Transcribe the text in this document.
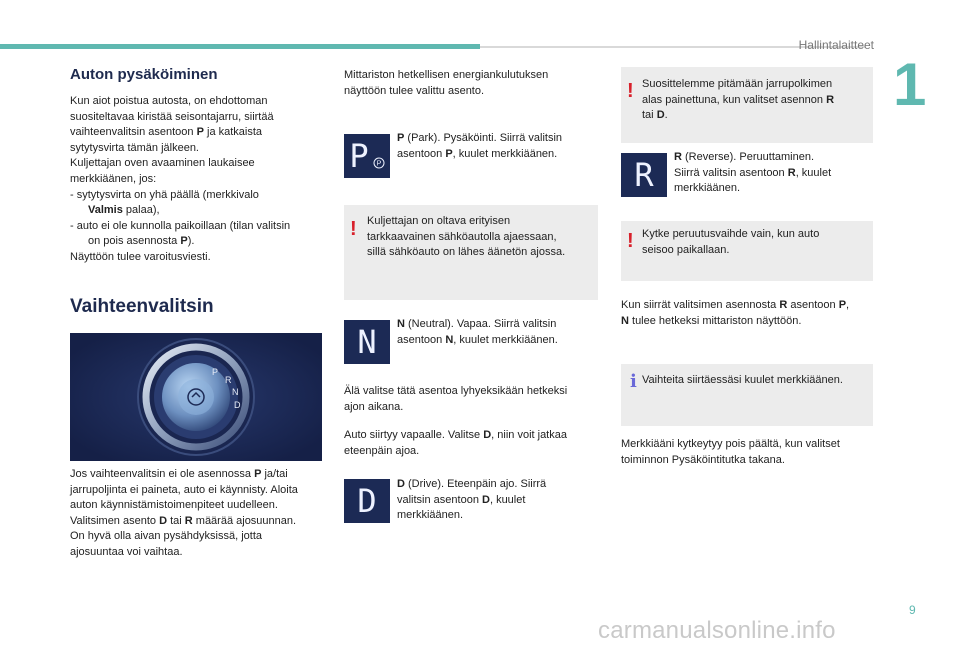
Hallintalaitteet
1
Auton pysäköiminen

Kun aiot poistua autosta, on ehdottoman

suositeltavaa kiristää seisontajarru, siirtää

vaihteenvalitsin asentoon P ja katkaista

sytytysvirta tämän jälkeen.

Kuljettajan oven avaaminen laukaisee

merkkiäänen, jos:

- sytytysvirta on yhä päällä (merkkivalo

Valmis palaa),

- auto ei ole kunnolla paikoillaan (tilan valitsin

on pois asennosta P).

Näyttöön tulee varoitusviesti.

Vaihteenvalitsin
P
R
N
D

Jos vaihteenvalitsin ei ole asennossa P ja/tai

jarrupoljinta ei paineta, auto ei käynnisty. Aloita

auton käynnistämistoimenpiteet uudelleen.

Valitsimen asento D tai R määrää ajosuunnan.

On hyvä olla aivan pysähdyksissä, jotta

ajosuuntaa voi vaihtaa.

Mittariston hetkellisen energiankulutuksen

näyttöön tulee valittu asento.

P P

P (Park). Pysäköinti. Siirrä valitsin

asentoon P, kuulet merkkiäänen.

! Kuljettajan on oltava erityisen

tarkkaavainen sähköautolla ajaessaan,

sillä sähköauto on lähes äänetön ajossa.

N N (Neutral). Vapaa. Siirrä valitsin

asentoon N, kuulet merkkiäänen.

Älä valitse tätä asentoa lyhyeksikään hetkeksi

ajon aikana.

Auto siirtyy vapaalle. Valitse D, niin voit jatkaa

eteenpäin ajoa.

D D (Drive). Eteenpäin ajo. Siirrä

valitsin asentoon D, kuulet

merkkiäänen.

! Suosittelemme pitämään jarrupolkimen

alas painettuna, kun valitset asennon R

tai D.

R R (Reverse). Peruuttaminen.

Siirrä valitsin asentoon R, kuulet

merkkiäänen.

! Kytke peruutusvaihde vain, kun auto

seisoo paikallaan.

Kun siirrät valitsimen asennosta R asentoon P,

N tulee hetkeksi mittariston näyttöön.

i Vaihteita siirtäessäsi kuulet merkkiäänen.

Merkkiääni kytkeytyy pois päältä, kun valitset

toiminnon Pysäköintitutka takana.

9
carmanualsonline.info
